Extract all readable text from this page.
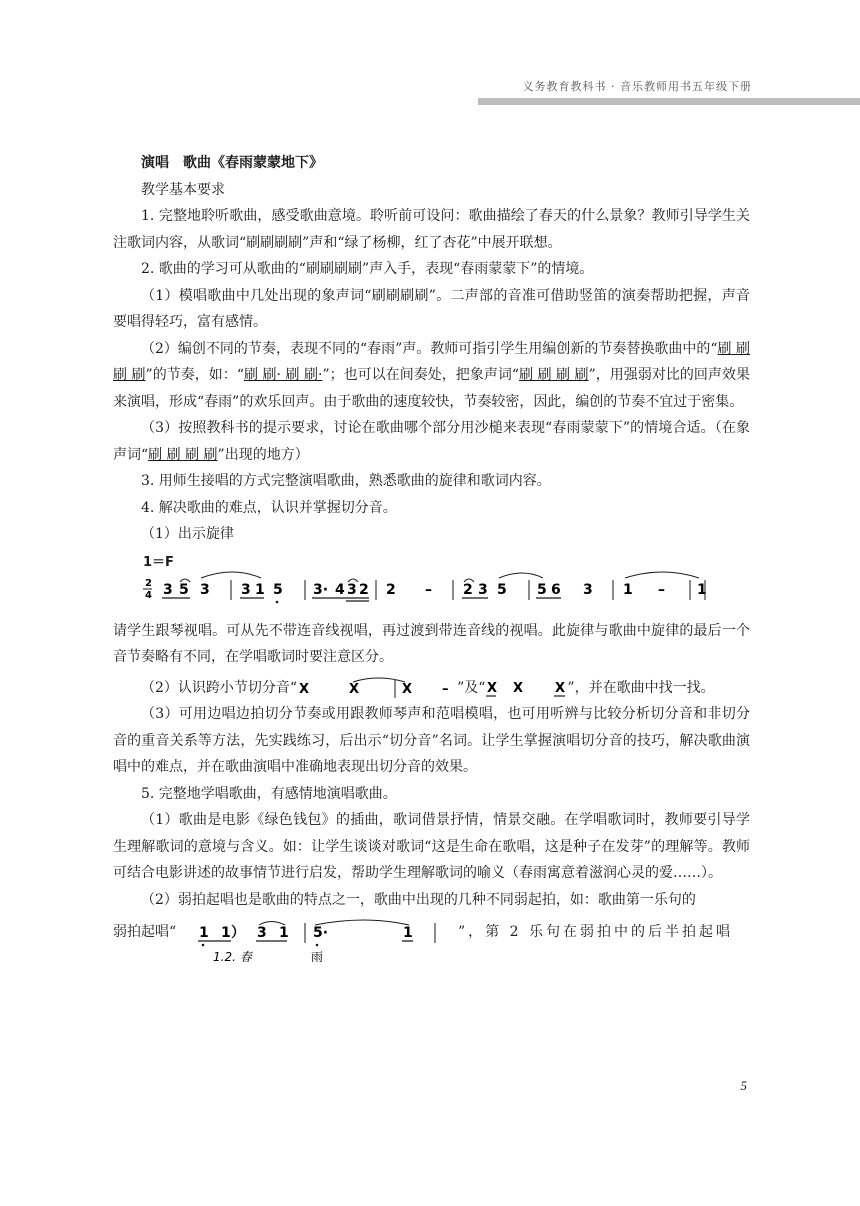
义务教育教科书 · 音乐教师用书五年级下册

演唱　歌曲《春雨蒙蒙地下》

教学基本要求

1. 完整地聆听歌曲，感受歌曲意境。聆听前可设问：歌曲描绘了春天的什么景象？教师引导学生关注歌词内容，从歌词“刷刷刷刷”声和“绿了杨柳，红了杏花”中展开联想。

2. 歌曲的学习可从歌曲的“刷刷刷刷”声入手，表现“春雨蒙蒙下”的情境。

（1）模唱歌曲中几处出现的象声词“刷刷刷刷”。二声部的音准可借助竖笛的演奏帮助把握，声音要唱得轻巧，富有感情。

（2）编创不同的节奏，表现不同的“春雨”声。教师可指引学生用编创新的节奏替换歌曲中的“刷 刷 刷 刷”的节奏，如：“刷 刷· 刷 刷·”；也可以在间奏处，把象声词“刷 刷 刷 刷”，用强弱对比的回声效果来演唱，形成“春雨”的欢乐回声。由于歌曲的速度较快，节奏较密，因此，编创的节奏不宜过于密集。

（3）按照教科书的提示要求，讨论在歌曲哪个部分用沙槌来表现“春雨蒙蒙下”的情境合适。（在象声词“刷 刷 刷 刷”出现的地方）

3. 用师生接唱的方式完整演唱歌曲，熟悉歌曲的旋律和歌词内容。

4. 解决歌曲的难点，认识并掌握切分音。

（1）出示旋律

1＝F
2
4 3 5 3 3 1 5 3· 4 3 2 2 – 2 3 5 5 6 3 1 – 1

请学生跟琴视唱。可从先不带连音线视唱，再过渡到带连音线的视唱。此旋律与歌曲中旋律的最后一个音节奏略有不同，在学唱歌词时要注意区分。

（2）认识跨小节切分音“ X	X	X – ”及“ X X X ”，并在歌曲中找一找。

（3）可用边唱边拍切分节奏或用跟教师琴声和范唱模唱，也可用听辨与比较分析切分音和非切分音的重音关系等方法，先实践练习，后出示“切分音”名词。让学生掌握演唱切分音的技巧，解决歌曲演唱中的难点，并在歌曲演唱中准确地表现出切分音的效果。

5. 完整地学唱歌曲，有感情地演唱歌曲。

（1）歌曲是电影《绿色钱包》的插曲，歌词借景抒情，情景交融。在学唱歌词时，教师要引导学生理解歌词的意境与含义。如：让学生谈谈对歌词“这是生命在歌唱，这是种子在发芽”的理解等。教师可结合电影讲述的故事情节进行启发，帮助学生理解歌词的喻义（春雨寓意着滋润心灵的爱……）。

（2）弱拍起唱也是歌曲的特点之一，歌曲中出现的几种不同弱起拍，如：歌曲第一乐句的

弱拍起唱“ 1 1 ） 3 1 5·	1
1.2. 春	雨
”，第 2 乐句在弱拍中的后半拍起唱
5
